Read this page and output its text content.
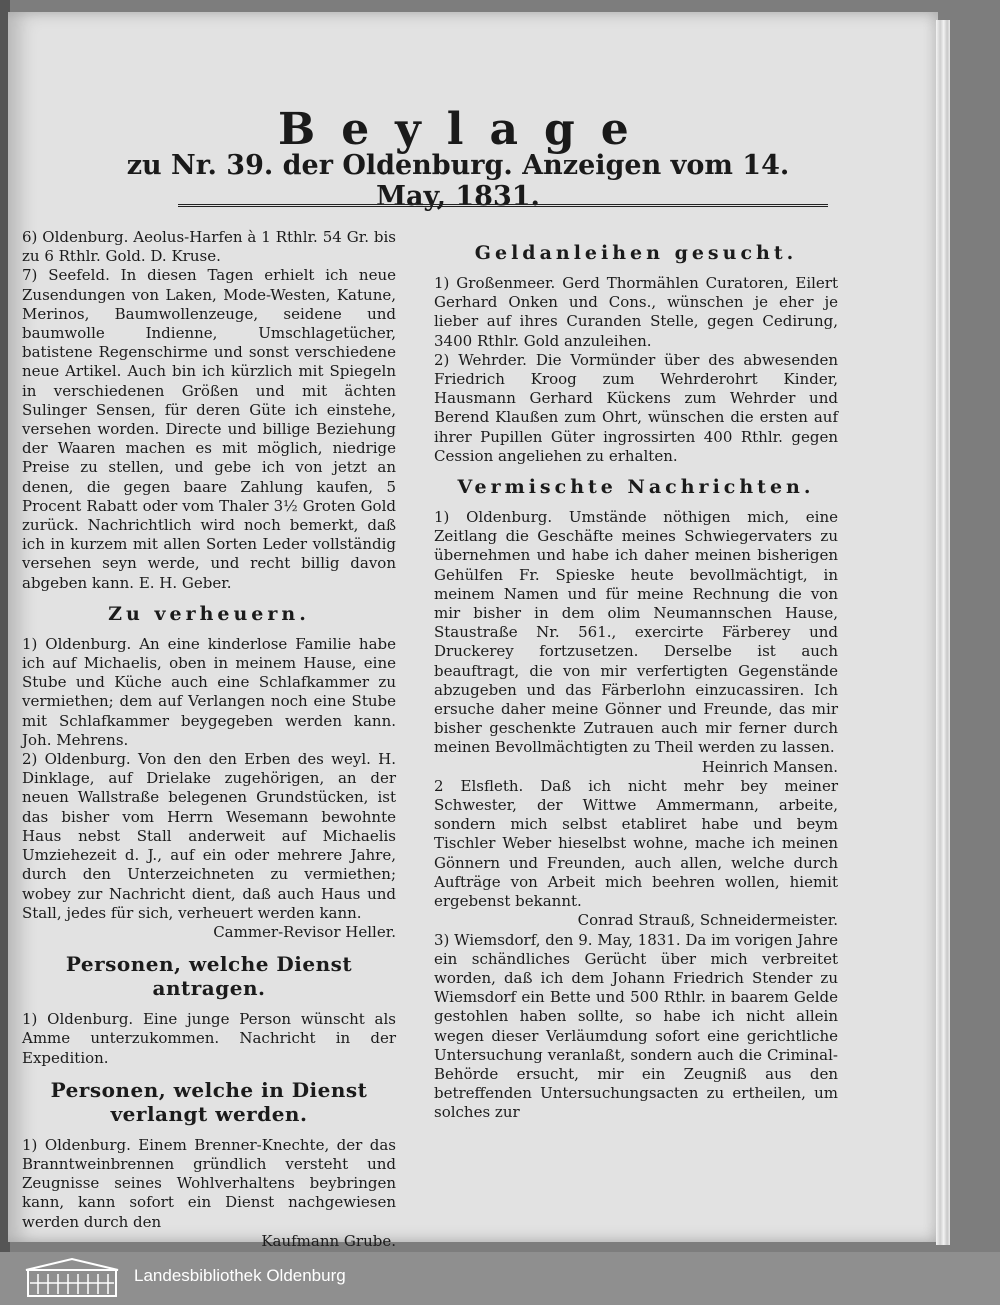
Beylage
zu Nr. 39. der Oldenburg. Anzeigen vom 14. May, 1831.

6) Oldenburg. Aeolus-Harfen à 1 Rthlr. 54 Gr. bis zu 6 Rthlr. Gold. D. Kruse.

7) Seefeld. In diesen Tagen erhielt ich neue Zusendungen von Laken, Mode-Westen, Katune, Merinos, Baumwollenzeuge, seidene und baumwolle Indienne, Umschlagetücher, batistene Regenschirme und sonst verschiedene neue Artikel. Auch bin ich kürzlich mit Spiegeln in verschiedenen Größen und mit ächten Sulinger Sensen, für deren Güte ich einstehe, versehen worden. Directe und billige Beziehung der Waaren machen es mit möglich, niedrige Preise zu stellen, und gebe ich von jetzt an denen, die gegen baare Zahlung kaufen, 5 Procent Rabatt oder vom Thaler 3½ Groten Gold zurück. Nachrichtlich wird noch bemerkt, daß ich in kurzem mit allen Sorten Leder vollständig versehen seyn werde, und recht billig davon abgeben kann. E. H. Geber.

Zu verheuern.

1) Oldenburg. An eine kinderlose Familie habe ich auf Michaelis, oben in meinem Hause, eine Stube und Küche auch eine Schlafkammer zu vermiethen; dem auf Verlangen noch eine Stube mit Schlafkammer beygegeben werden kann. Joh. Mehrens.

2) Oldenburg. Von den den Erben des weyl. H. Dinklage, auf Drielake zugehörigen, an der neuen Wallstraße belegenen Grundstücken, ist das bisher vom Herrn Wesemann bewohnte Haus nebst Stall anderweit auf Michaelis Umziehezeit d. J., auf ein oder mehrere Jahre, durch den Unterzeichneten zu vermiethen; wobey zur Nachricht dient, daß auch Haus und Stall, jedes für sich, verheuert werden kann.

Cammer-Revisor Heller.

Personen, welche Dienst antragen.

1) Oldenburg. Eine junge Person wünscht als Amme unterzukommen. Nachricht in der Expedition.

Personen, welche in Dienst verlangt werden.

1) Oldenburg. Einem Brenner-Knechte, der das Branntweinbrennen gründlich versteht und Zeugnisse seines Wohlverhaltens beybringen kann, kann sofort ein Dienst nachgewiesen werden durch den

Kaufmann Grube.

Geldanleihen gesucht.

1) Großenmeer. Gerd Thormählen Curatoren, Eilert Gerhard Onken und Cons., wünschen je eher je lieber auf ihres Curanden Stelle, gegen Cedirung, 3400 Rthlr. Gold anzuleihen.

2) Wehrder. Die Vormünder über des abwesenden Friedrich Kroog zum Wehrderohrt Kinder, Hausmann Gerhard Kückens zum Wehrder und Berend Klaußen zum Ohrt, wünschen die ersten auf ihrer Pupillen Güter ingrossirten 400 Rthlr. gegen Cession angeliehen zu erhalten.

Vermischte Nachrichten.

1) Oldenburg. Umstände nöthigen mich, eine Zeitlang die Geschäfte meines Schwiegervaters zu übernehmen und habe ich daher meinen bisherigen Gehülfen Fr. Spieske heute bevollmächtigt, in meinem Namen und für meine Rechnung die von mir bisher in dem olim Neumannschen Hause, Staustraße Nr. 561., exercirte Färberey und Druckerey fortzusetzen. Derselbe ist auch beauftragt, die von mir verfertigten Gegenstände abzugeben und das Färberlohn einzucassiren. Ich ersuche daher meine Gönner und Freunde, das mir bisher geschenkte Zutrauen auch mir ferner durch meinen Bevollmächtigten zu Theil werden zu lassen.

Heinrich Mansen.

2 Elsfleth. Daß ich nicht mehr bey meiner Schwester, der Wittwe Ammermann, arbeite, sondern mich selbst etabliret habe und beym Tischler Weber hieselbst wohne, mache ich meinen Gönnern und Freunden, auch allen, welche durch Aufträge von Arbeit mich beehren wollen, hiemit ergebenst bekannt.

Conrad Strauß, Schneidermeister.

3) Wiemsdorf, den 9. May, 1831. Da im vorigen Jahre ein schändliches Gerücht über mich verbreitet worden, daß ich dem Johann Friedrich Stender zu Wiemsdorf ein Bette und 500 Rthlr. in baarem Gelde gestohlen haben sollte, so habe ich nicht allein wegen dieser Verläumdung sofort eine gerichtliche Untersuchung veranlaßt, sondern auch die Criminal-Behörde ersucht, mir ein Zeugniß aus den betreffenden Untersuchungsacten zu ertheilen, um solches zur

Landesbibliothek Oldenburg
